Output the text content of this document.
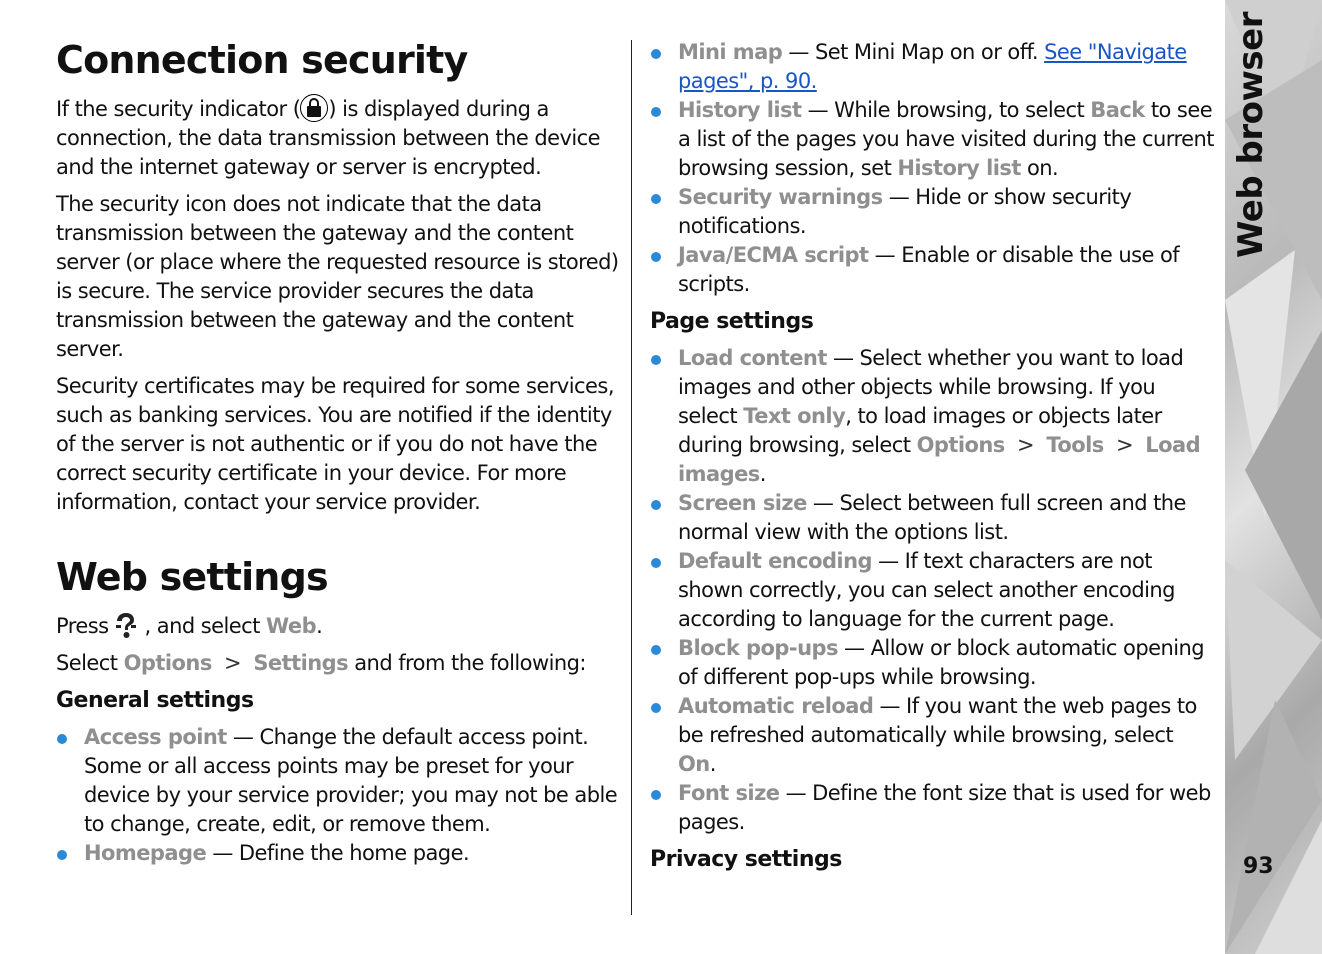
Connection security

If the security indicator ( ) is displayed during a connection, the data transmission between the device and the internet gateway or server is encrypted.

The security icon does not indicate that the data transmission between the gateway and the content server (or place where the requested resource is stored) is secure. The service provider secures the data transmission between the gateway and the content server.

Security certificates may be required for some services, such as banking services. You are notified if the identity of the server is not authentic or if you do not have the correct security certificate in your device. For more information, contact your service provider.

Web settings

Press , and select Web.

Select Options > Settings and from the following:

General settings
Access point — Change the default access point. Some or all access points may be preset for your device by your service provider; you may not be able to change, create, edit, or remove them.
Homepage — Define the home page.
Mini map — Set Mini Map on or off. See "Navigate pages", p. 90.
History list — While browsing, to select Back to see a list of the pages you have visited during the current browsing session, set History list on.
Security warnings — Hide or show security notifications.
Java/ECMA script — Enable or disable the use of scripts.
Page settings
Load content — Select whether you want to load images and other objects while browsing. If you select Text only, to load images or objects later during browsing, select Options > Tools > Load images.
Screen size — Select between full screen and the normal view with the options list.
Default encoding — If text characters are not shown correctly, you can select another encoding according to language for the current page.
Block pop-ups — Allow or block automatic opening of different pop-ups while browsing.
Automatic reload — If you want the web pages to be refreshed automatically while browsing, select On.
Font size — Define the font size that is used for web pages.
Privacy settings
Web browser
93
